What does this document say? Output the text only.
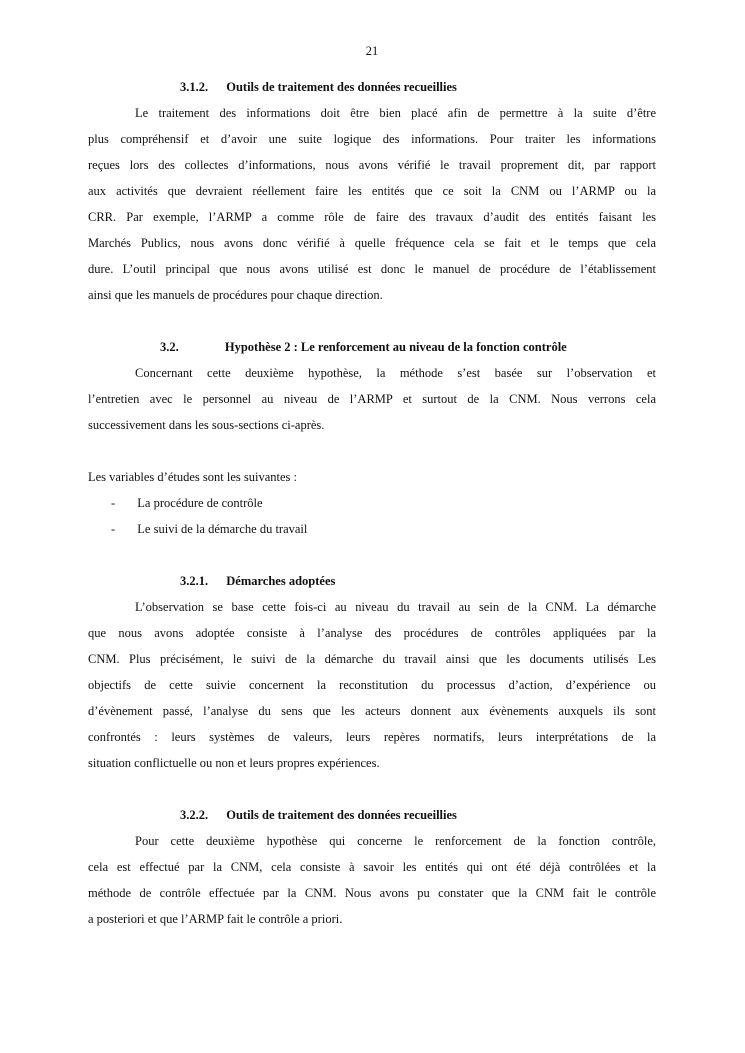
21
3.1.2. Outils de traitement des données recueillies
Le traitement des informations doit être bien placé afin de permettre à la suite d’être
plus compréhensif et d’avoir une suite logique des informations. Pour traiter les informations
reçues lors des collectes d’informations, nous avons vérifié le travail proprement dit, par rapport
aux activités que devraient réellement faire les entités que ce soit la CNM ou l’ARMP ou la
CRR. Par exemple, l’ARMP a comme rôle de faire des travaux d’audit des entités faisant les
Marchés Publics, nous avons donc vérifié à quelle fréquence cela se fait et le temps que cela
dure. L’outil principal que nous avons utilisé est donc le manuel de procédure de l’établissement
ainsi que les manuels de procédures pour chaque direction.
3.2.	Hypothèse 2 : Le renforcement au niveau de la fonction contrôle
Concernant cette deuxième hypothèse, la méthode s’est basée sur l’observation et
l’entretien avec le personnel au niveau de l’ARMP et surtout de la CNM. Nous verrons cela
successivement dans les sous-sections ci-après.
Les variables d’études sont les suivantes :
- La procédure de contrôle
- Le suivi de la démarche du travail
3.2.1. Démarches adoptées
L’observation se base cette fois-ci au niveau du travail au sein de la CNM. La démarche
que nous avons adoptée consiste à l’analyse des procédures de contrôles appliquées par la
CNM. Plus précisément, le suivi de la démarche du travail ainsi que les documents utilisés Les
objectifs de cette suivie concernent la reconstitution du processus d’action, d’expérience ou
d’évènement passé, l’analyse du sens que les acteurs donnent aux évènements auxquels ils sont
confrontés : leurs systèmes de valeurs, leurs repères normatifs, leurs interprétations de la
situation conflictuelle ou non et leurs propres expériences.
3.2.2. Outils de traitement des données recueillies
Pour cette deuxième hypothèse qui concerne le renforcement de la fonction contrôle,
cela est effectué par la CNM, cela consiste à savoir les entités qui ont été déjà contrôlées et la
méthode de contrôle effectuée par la CNM. Nous avons pu constater que la CNM fait le contrôle
a posteriori et que l’ARMP fait le contrôle a priori.
